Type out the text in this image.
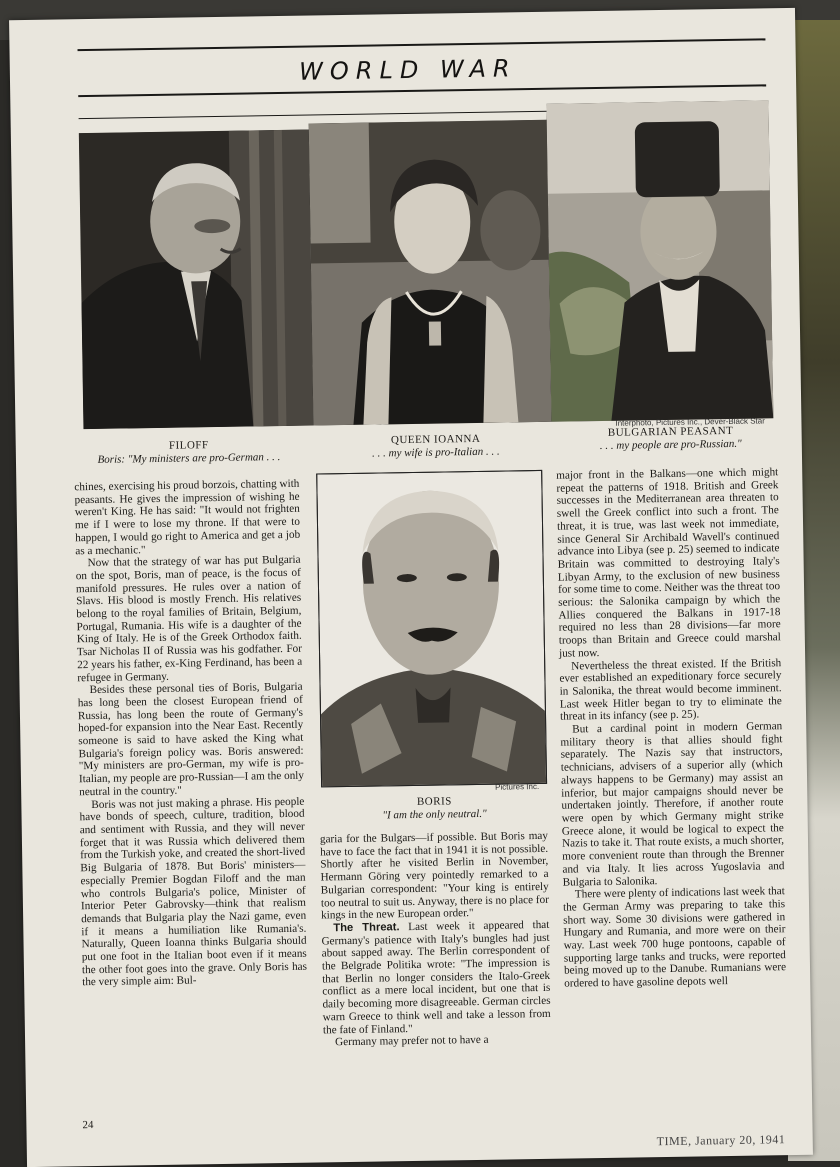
WORLD WAR
Interphoto, Pictures Inc., Dever-Black Star
FILOFF
Boris: "My ministers are pro-German . . .
QUEEN IOANNA
. . . my wife is pro-Italian . . .
BULGARIAN PEASANT
. . . my people are pro-Russian."

chines, exercising his proud borzois, chatting with peasants. He gives the impression of wishing he weren't King. He has said: "It would not frighten me if I were to lose my throne. If that were to happen, I would go right to America and get a job as a mechanic."

Now that the strategy of war has put Bulgaria on the spot, Boris, man of peace, is the focus of manifold pressures. He rules over a nation of Slavs. His blood is mostly French. His relatives belong to the royal families of Britain, Belgium, Portugal, Rumania. His wife is a daughter of the King of Italy. He is of the Greek Orthodox faith. Tsar Nicholas II of Russia was his godfather. For 22 years his father, ex-King Ferdinand, has been a refugee in Germany.

Besides these personal ties of Boris, Bulgaria has long been the closest European friend of Russia, has long been the route of Germany's hoped-for expansion into the Near East. Recently someone is said to have asked the King what Bulgaria's foreign policy was. Boris answered: "My ministers are pro-German, my wife is pro-Italian, my people are pro-Russian—I am the only neutral in the country."

Boris was not just making a phrase. His people have bonds of speech, culture, tradition, blood and sentiment with Russia, and they will never forget that it was Russia which delivered them from the Turkish yoke, and created the short-lived Big Bulgaria of 1878. But Boris' ministers—especially Premier Bogdan Filoff and the man who controls Bulgaria's police, Minister of Interior Peter Gabrovsky—think that realism demands that Bulgaria play the Nazi game, even if it means a humiliation like Rumania's. Naturally, Queen Ioanna thinks Bulgaria should put one foot in the Italian boot even if it means the other foot goes into the grave. Only Boris has the very simple aim: Bul-

Pictures Inc.
BORIS
"I am the only neutral."

garia for the Bulgars—if possible. But Boris may have to face the fact that in 1941 it is not possible. Shortly after he visited Berlin in November, Hermann Göring very pointedly remarked to a Bulgarian correspondent: "Your king is entirely too neutral to suit us. Anyway, there is no place for kings in the new European order."

The Threat. Last week it appeared that Germany's patience with Italy's bungles had just about sapped away. The Berlin correspondent of the Belgrade Politika wrote: "The impression is that Berlin no longer considers the Italo-Greek conflict as a mere local incident, but one that is daily becoming more disagreeable. German circles warn Greece to think well and take a lesson from the fate of Finland."

Germany may prefer not to have a

major front in the Balkans—one which might repeat the patterns of 1918. British and Greek successes in the Mediterranean area threaten to swell the Greek conflict into such a front. The threat, it is true, was last week not immediate, since General Sir Archibald Wavell's continued advance into Libya (see p. 25) seemed to indicate Britain was committed to destroying Italy's Libyan Army, to the exclusion of new business for some time to come. Neither was the threat too serious: the Salonika campaign by which the Allies conquered the Balkans in 1917-18 required no less than 28 divisions—far more troops than Britain and Greece could marshal just now.

Nevertheless the threat existed. If the British ever established an expeditionary force securely in Salonika, the threat would become imminent. Last week Hitler began to try to eliminate the threat in its infancy (see p. 25).

But a cardinal point in modern German military theory is that allies should fight separately. The Nazis say that instructors, technicians, advisers of a superior ally (which always happens to be Germany) may assist an inferior, but major campaigns should never be undertaken jointly. Therefore, if another route were open by which Germany might strike Greece alone, it would be logical to expect the Nazis to take it. That route exists, a much shorter, more convenient route than through the Brenner and via Italy. It lies across Yugoslavia and Bulgaria to Salonika.

There were plenty of indications last week that the German Army was preparing to take this short way. Some 30 divisions were gathered in Hungary and Rumania, and more were on their way. Last week 700 huge pontoons, capable of supporting large tanks and trucks, were reported being moved up to the Danube. Rumanians were ordered to have gasoline depots well

24
TIME, January 20, 1941
